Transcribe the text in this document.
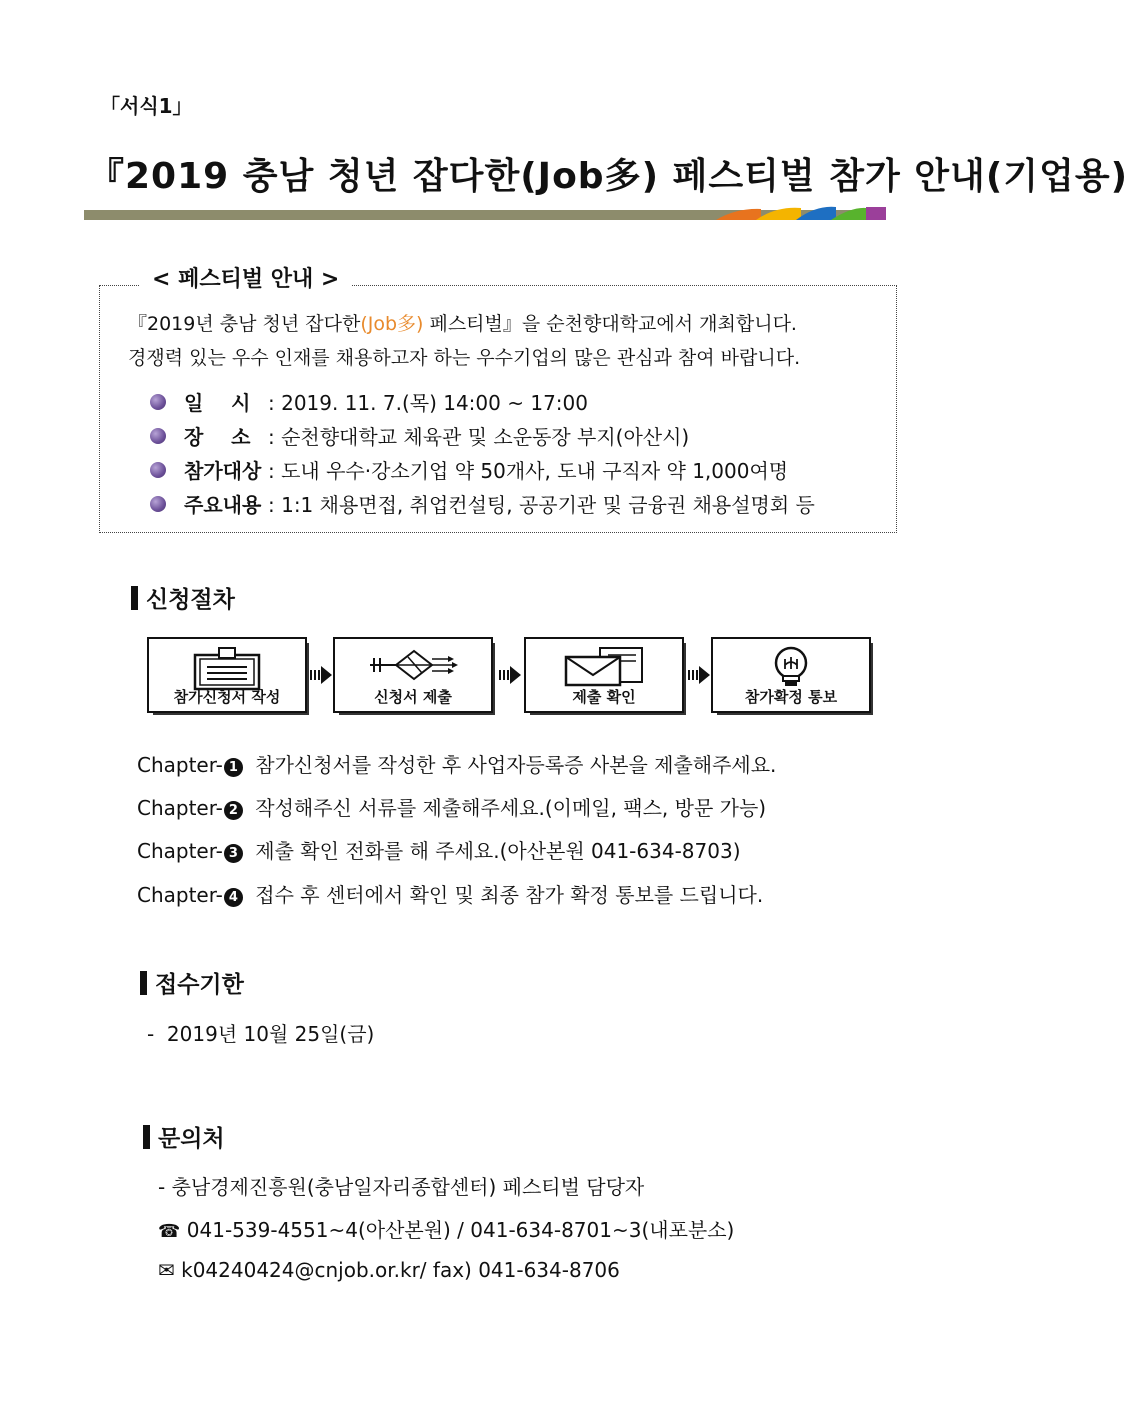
「서식1」
『2019 충남 청년 잡다한(Job多) 페스티벌 참가 안내(기업용)
< 페스티벌 안내 >
『2019년 충남 청년 잡다한(Job多) 페스티벌』을 순천향대학교에서 개최합니다.
경쟁력 있는 우수 인재를 채용하고자 하는 우수기업의 많은 관심과 참여 바랍니다.
일    시 : 2019. 11. 7.(목) 14:00 ~ 17:00
장    소 : 순천향대학교 체육관 및 소운동장 부지(아산시)
참가대상 : 도내 우수·강소기업 약 50개사, 도내 구직자 약 1,000여명
주요내용 : 1:1 채용면접, 취업컨설팅, 공공기관 및 금융권 채용설명회 등
신청절차
참가신청서 작성	신청서 제출	제출 확인	참가확정 통보
Chapter- 1 참가신청서를 작성한 후 사업자등록증 사본을 제출해주세요.
Chapter- 2 작성해주신 서류를 제출해주세요.(이메일, 팩스, 방문 가능)
Chapter- 3 제출 확인 전화를 해 주세요.(아산본원 041-634-8703)
Chapter- 4 접수 후 센터에서 확인 및 최종 참가 확정 통보를 드립니다.
접수기한
-  2019년 10월 25일(금)
문의처
- 충남경제진흥원(충남일자리종합센터) 페스티벌 담당자
☎ 041-539-4551~4(아산본원) / 041-634-8701~3(내포분소)
✉ k04240424@cnjob.or.kr/ fax) 041-634-8706
